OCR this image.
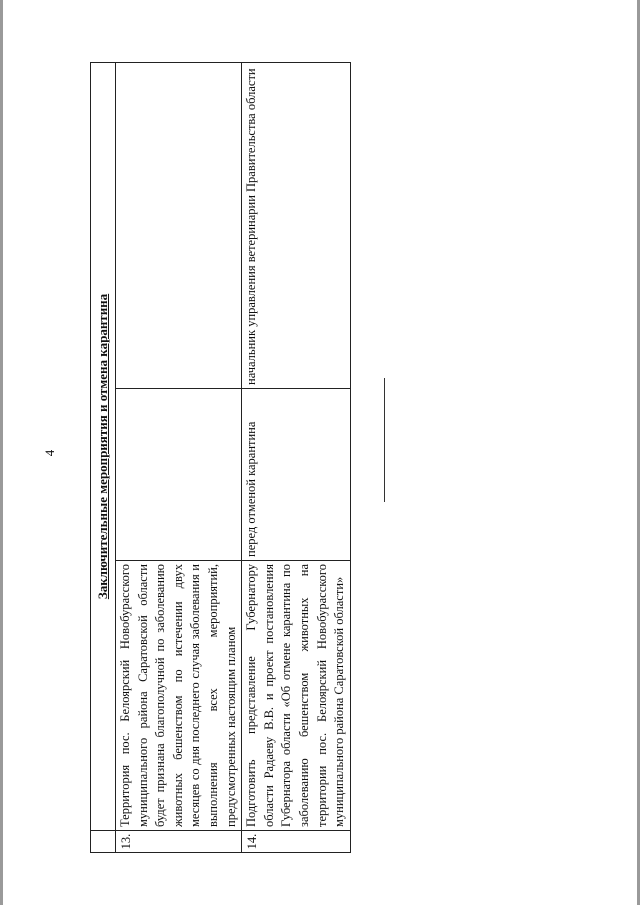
4
		Заключительные мероприятия и отмена карантина		
13.	Территория пос. Белоярский Новобурасского муниципального района Саратовской области будет признана благополучной по заболеванию животных бешенством по истечении двух месяцев со дня последнего случая заболевания и выполнения всех мероприятий, предусмотренных настоящим планом		
14.	Подготовить представление Губернатору области Радаеву В.В. и проект постановления Губернатора области «Об отмене карантина по заболеванию бешенством животных на территории пос. Белоярский Новобурасского муниципального района Саратовской области»	перед отменой карантина	начальник управления ветеринарии Правительства области
